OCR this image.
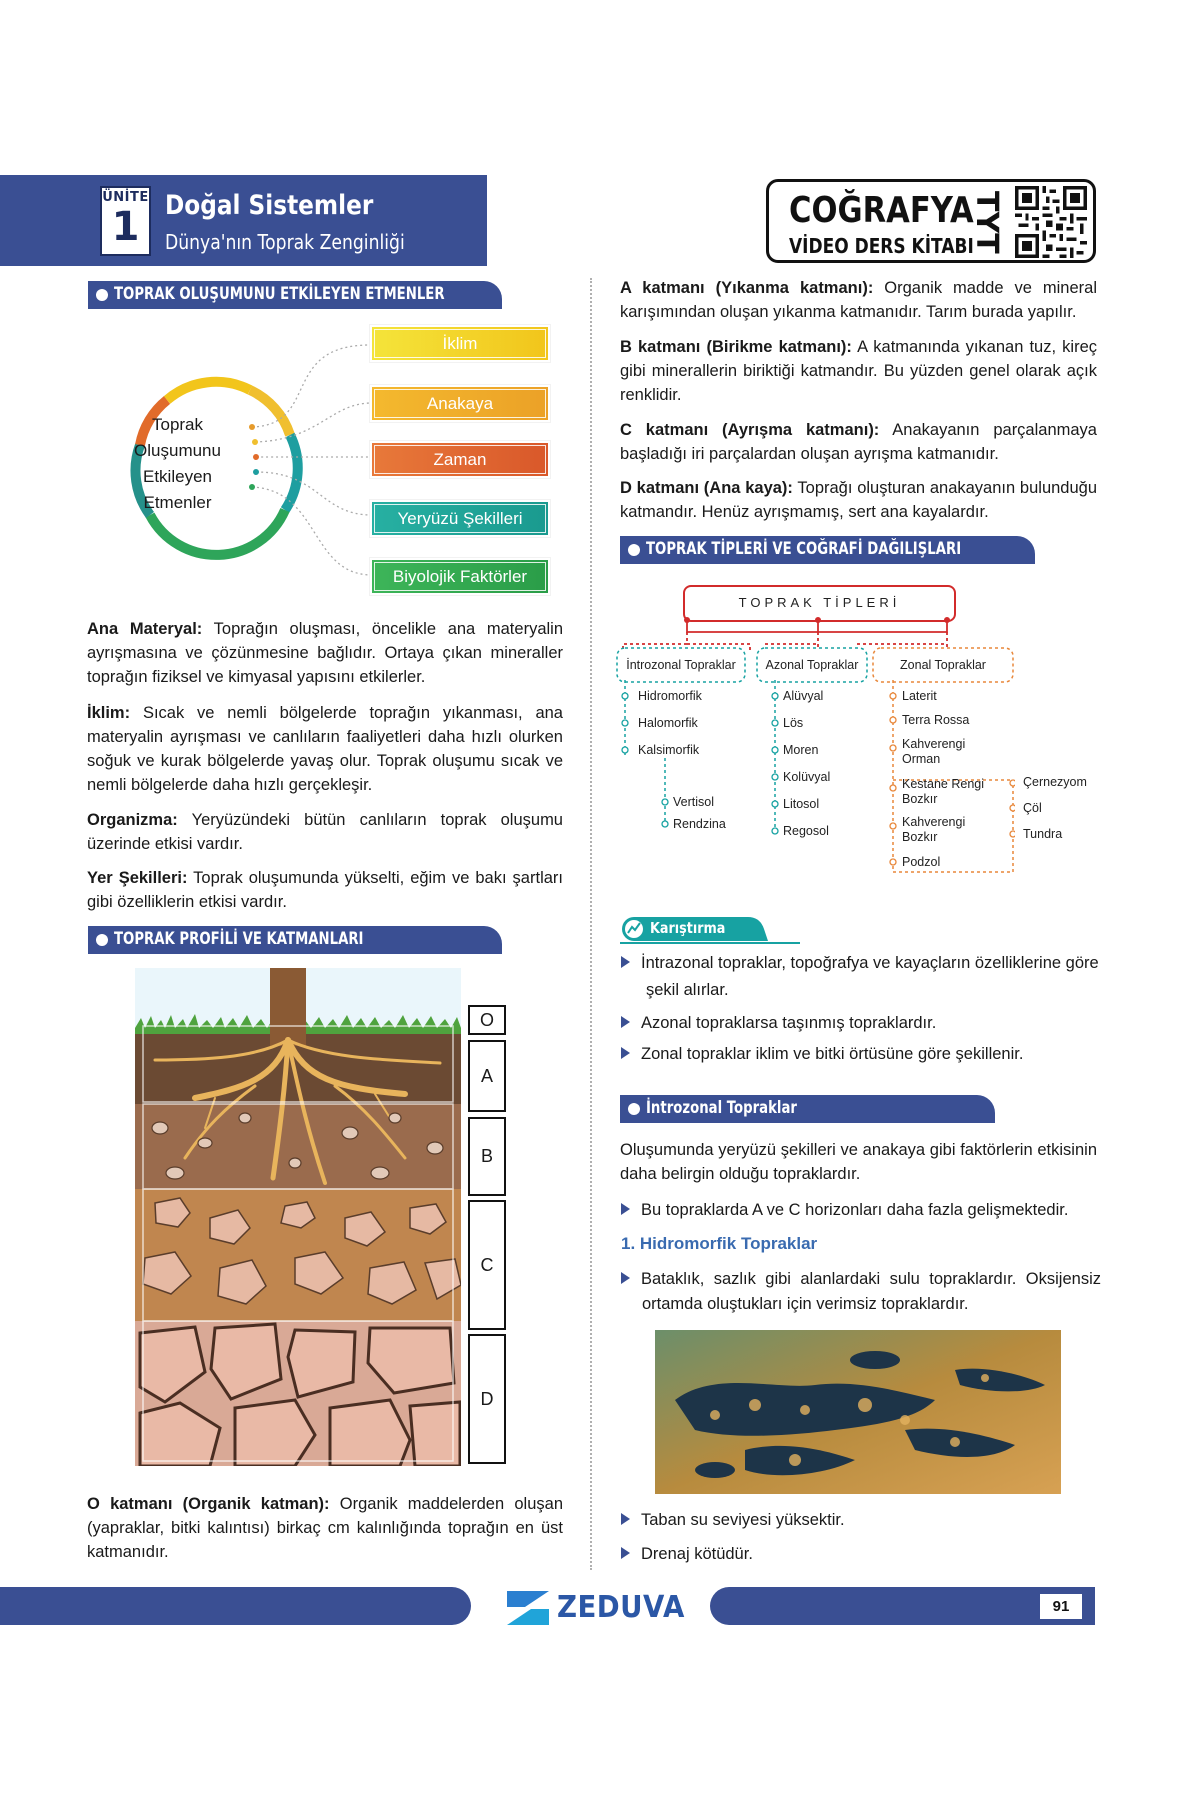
ÜNİTE
1 Doğal Sistemler
Dünya'nın Toprak Zenginliği
COĞRAFYA
VİDEO DERS KİTABI
TYT
TOPRAK OLUŞUMUNU ETKİLEYEN ETMENLER
Toprak
Oluşumunu
Etkileyen
Etmenler
İklim
Anakaya
Zaman
Yeryüzü Şekilleri
Biyolojik Faktörler
Ana Materyal: Toprağın oluşması, öncelikle ana materyalin ayrışmasına ve çözünmesine bağlıdır. Ortaya çıkan mineraller toprağın fiziksel ve kimyasal yapısını etkilerler.
İklim: Sıcak ve nemli bölgelerde toprağın yıkanması, ana materyalin ayrışması ve canlıların faaliyetleri daha hızlı olurken soğuk ve kurak bölgelerde yavaş olur. Toprak oluşumu sıcak ve nemli bölgelerde daha hızlı gerçekleşir.
Organizma: Yeryüzündeki bütün canlıların toprak oluşumu üzerinde etkisi vardır.
Yer Şekilleri: Toprak oluşumunda yükselti, eğim ve bakı şartları gibi özelliklerin etkisi vardır.
TOPRAK PROFİLİ VE KATMANLARI
O
A
B
C
D
O katmanı (Organik katman): Organik maddelerden oluşan (yapraklar, bitki kalıntısı) birkaç cm kalınlığında toprağın en üst katmanıdır.
A katmanı (Yıkanma katmanı): Organik madde ve mineral karışımından oluşan yıkanma katmanıdır. Tarım burada yapılır.
B katmanı (Birikme katmanı): A katmanında yıkanan tuz, kireç gibi minerallerin biriktiği katmandır. Bu yüzden genel olarak açık renklidir.
C katmanı (Ayrışma katmanı): Anakayanın parçalanmaya başladığı iri parçalardan oluşan ayrışma katmanıdır.
D katmanı (Ana kaya): Toprağı oluşturan anakayanın bulunduğu katmandır. Henüz ayrışmamış, sert ana kayalardır.
TOPRAK TİPLERİ VE COĞRAFİ DAĞILIŞLARI
TOPRAK TİPLERİ
İntrozonal Topraklar	Azonal Topraklar	Zonal Topraklar
Hidromorfik
Halomorfik
Kalsimorfik
Vertisol
Rendzina
Alüvyal
Lös
Moren
Kolüvyal
Litosol
Regosol
Laterit
Terra Rossa
Kahverengi Orman
Kestane Rengi Bozkır
Kahverengi Bozkır
Podzol
Çernezyom
Çöl
Tundra
Karıştırma
İntrazonal topraklar, topoğrafya ve kayaçların özelliklerine göre şekil alırlar.
Azonal topraklarsa taşınmış topraklardır.
Zonal topraklar iklim ve bitki örtüsüne göre şekillenir.
İntrozonal Topraklar
Oluşumunda yeryüzü şekilleri ve anakaya gibi faktörlerin etkisinin daha belirgin olduğu topraklardır.
Bu topraklarda A ve C horizonları daha fazla gelişmektedir.
1. Hidromorfik Topraklar
Bataklık, sazlık gibi alanlardaki sulu topraklardır. Oksijensiz ortamda oluştukları için verimsiz topraklardır.
Taban su seviyesi yüksektir.
Drenaj kötüdür.
ZEDUVA	91
